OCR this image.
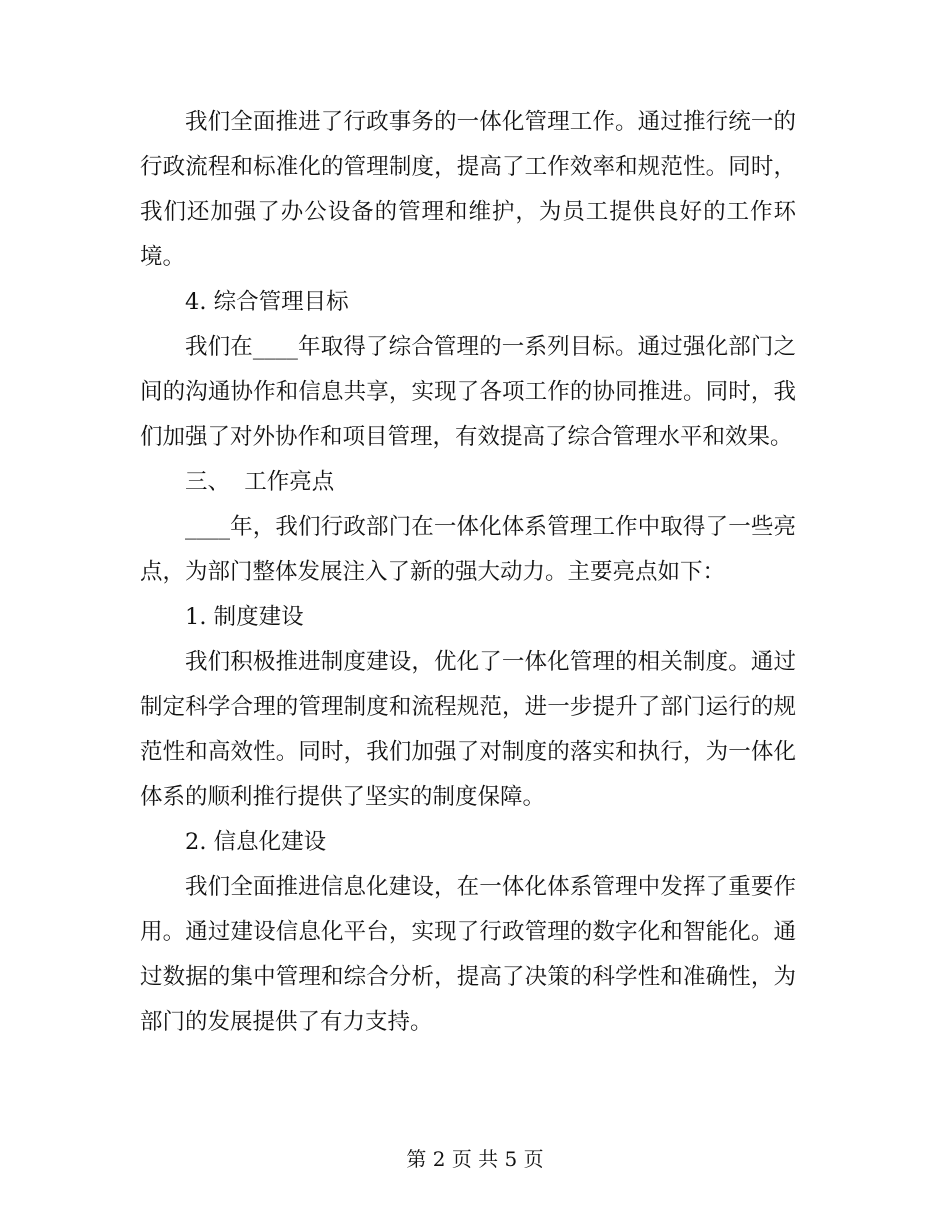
我们全面推进了行政事务的一体化管理工作。通过推行统一的行政流程和标准化的管理制度，提高了工作效率和规范性。同时，我们还加强了办公设备的管理和维护，为员工提供良好的工作环境。

4. 综合管理目标

我们在____年取得了综合管理的一系列目标。通过强化部门之间的沟通协作和信息共享，实现了各项工作的协同推进。同时，我们加强了对外协作和项目管理，有效提高了综合管理水平和效果。

三、  工作亮点

____年，我们行政部门在一体化体系管理工作中取得了一些亮点，为部门整体发展注入了新的强大动力。主要亮点如下：

1. 制度建设

我们积极推进制度建设，优化了一体化管理的相关制度。通过制定科学合理的管理制度和流程规范，进一步提升了部门运行的规范性和高效性。同时，我们加强了对制度的落实和执行，为一体化体系的顺利推行提供了坚实的制度保障。

2. 信息化建设

我们全面推进信息化建设，在一体化体系管理中发挥了重要作用。通过建设信息化平台，实现了行政管理的数字化和智能化。通过数据的集中管理和综合分析，提高了决策的科学性和准确性，为部门的发展提供了有力支持。

第 2 页 共 5 页
